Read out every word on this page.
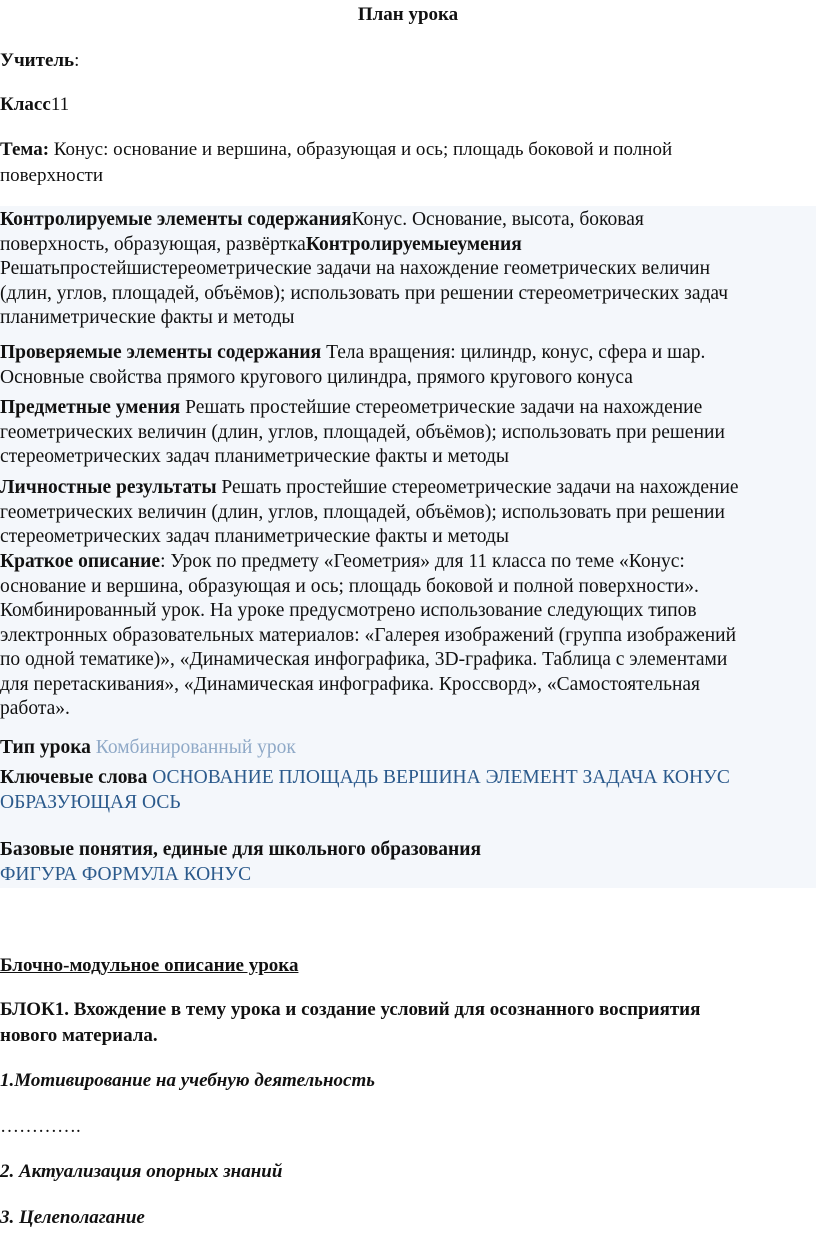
План урока
Учитель:
Класс11
Тема: Конус: основание и вершина, образующая и ось; площадь боковой и полной
поверхности
Контролируемые элементы содержанияКонус. Основание, высота, боковая
поверхность, образующая, развёрткаКонтролируемыеумения
Решатьпростейшистереометрические задачи на нахождение геометрических величин
(длин, углов, площадей, объёмов); использовать при решении стереометрических задач
планиметрические факты и методы
Проверяемые элементы содержания Тела вращения: цилиндр, конус, сфера и шар.
Основные свойства прямого кругового цилиндра, прямого кругового конуса
Предметные умения Решать простейшие стереометрические задачи на нахождение
геометрических величин (длин, углов, площадей, объёмов); использовать при решении
стереометрических задач планиметрические факты и методы
Личностные результаты Решать простейшие стереометрические задачи на нахождение
геометрических величин (длин, углов, площадей, объёмов); использовать при решении
стереометрических задач планиметрические факты и методы
Краткое описание: Урок по предмету «Геометрия» для 11 класса по теме «Конус:
основание и вершина, образующая и ось; площадь боковой и полной поверхности».
Комбинированный урок. На уроке предусмотрено использование следующих типов
электронных образовательных материалов: «Галерея изображений (группа изображений
по одной тематике)», «Динамическая инфографика, 3D-графика. Таблица с элементами
для перетаскивания», «Динамическая инфографика. Кроссворд», «Самостоятельная
работа».
Тип урока Комбинированный урок
Ключевые слова ОСНОВАНИЕ ПЛОЩАДЬ ВЕРШИНА ЭЛЕМЕНТ ЗАДАЧА КОНУС
ОБРАЗУЮЩАЯ ОСЬ
Базовые понятия, единые для школьного образования
ФИГУРА ФОРМУЛА КОНУС
Блочно-модульное описание урока
БЛОК1. Вхождение в тему урока и создание условий для осознанного восприятия
нового материала.
1.Мотивирование на учебную деятельность
………….
2. Актуализация опорных знаний
3. Целеполагание
